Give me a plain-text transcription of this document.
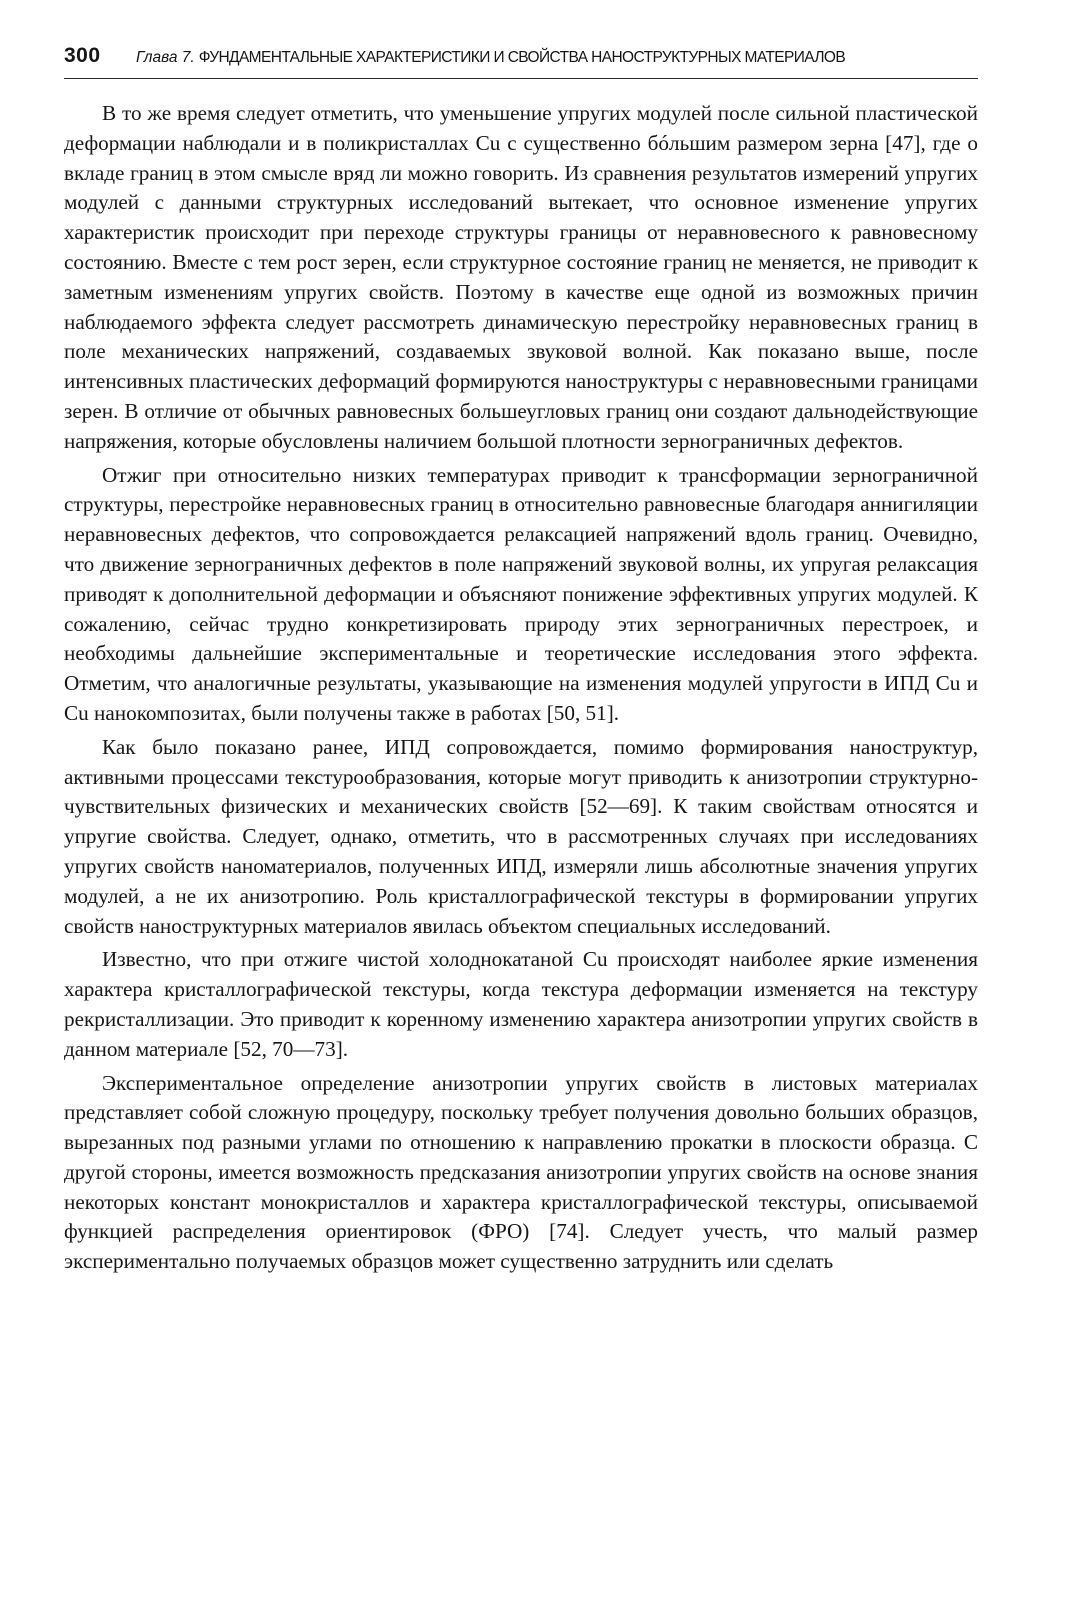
300	Глава 7. ФУНДАМЕНТАЛЬНЫЕ ХАРАКТЕРИСТИКИ И СВОЙСТВА НАНОСТРУКТУРНЫХ МАТЕРИАЛОВ

В то же время следует отметить, что уменьшение упругих модулей после сильной пластической деформации наблюдали и в поликристаллах Cu с существенно бóльшим размером зерна [47], где о вкладе границ в этом смысле вряд ли можно говорить. Из сравнения результатов измерений упругих модулей с данными структурных исследований вытекает, что основное изменение упругих характеристик происходит при переходе структуры границы от неравновесного к равновесному состоянию. Вместе с тем рост зерен, если структурное состояние границ не меняется, не приводит к заметным изменениям упругих свойств. Поэтому в качестве еще одной из возможных причин наблюдаемого эффекта следует рассмотреть динамическую перестройку неравновесных границ в поле механических напряжений, создаваемых звуковой волной. Как показано выше, после интенсивных пластических деформаций формируются наноструктуры с неравновесными границами зерен. В отличие от обычных равновесных большеугловых границ они создают дальнодействующие напряжения, которые обусловлены наличием большой плотности зернограничных дефектов.

Отжиг при относительно низких температурах приводит к трансформации зернограничной структуры, перестройке неравновесных границ в относительно равновесные благодаря аннигиляции неравновесных дефектов, что сопровождается релаксацией напряжений вдоль границ. Очевидно, что движение зернограничных дефектов в поле напряжений звуковой волны, их упругая релаксация приводят к дополнительной деформации и объясняют понижение эффективных упругих модулей. К сожалению, сейчас трудно конкретизировать природу этих зернограничных перестроек, и необходимы дальнейшие экспериментальные и теоретические исследования этого эффекта. Отметим, что аналогичные результаты, указывающие на изменения модулей упругости в ИПД Cu и Cu нанокомпозитах, были получены также в работах [50, 51].

Как было показано ранее, ИПД сопровождается, помимо формирования наноструктур, активными процессами текстурообразования, которые могут приводить к анизотропии структурно-чувствительных физических и механических свойств [52—69]. К таким свойствам относятся и упругие свойства. Следует, однако, отметить, что в рассмотренных случаях при исследованиях упругих свойств наноматериалов, полученных ИПД, измеряли лишь абсолютные значения упругих модулей, а не их анизотропию. Роль кристаллографической текстуры в формировании упругих свойств наноструктурных материалов явилась объектом специальных исследований.

Известно, что при отжиге чистой холоднокатаной Cu происходят наиболее яркие изменения характера кристаллографической текстуры, когда текстура деформации изменяется на текстуру рекристаллизации. Это приводит к коренному изменению характера анизотропии упругих свойств в данном материале [52, 70—73].

Экспериментальное определение анизотропии упругих свойств в листовых материалах представляет собой сложную процедуру, поскольку требует получения довольно больших образцов, вырезанных под разными углами по отношению к направлению прокатки в плоскости образца. С другой стороны, имеется возможность предсказания анизотропии упругих свойств на основе знания некоторых констант монокристаллов и характера кристаллографической текстуры, описываемой функцией распределения ориентировок (ФРО) [74]. Следует учесть, что малый размер экспериментально получаемых образцов может существенно затруднить или сделать
